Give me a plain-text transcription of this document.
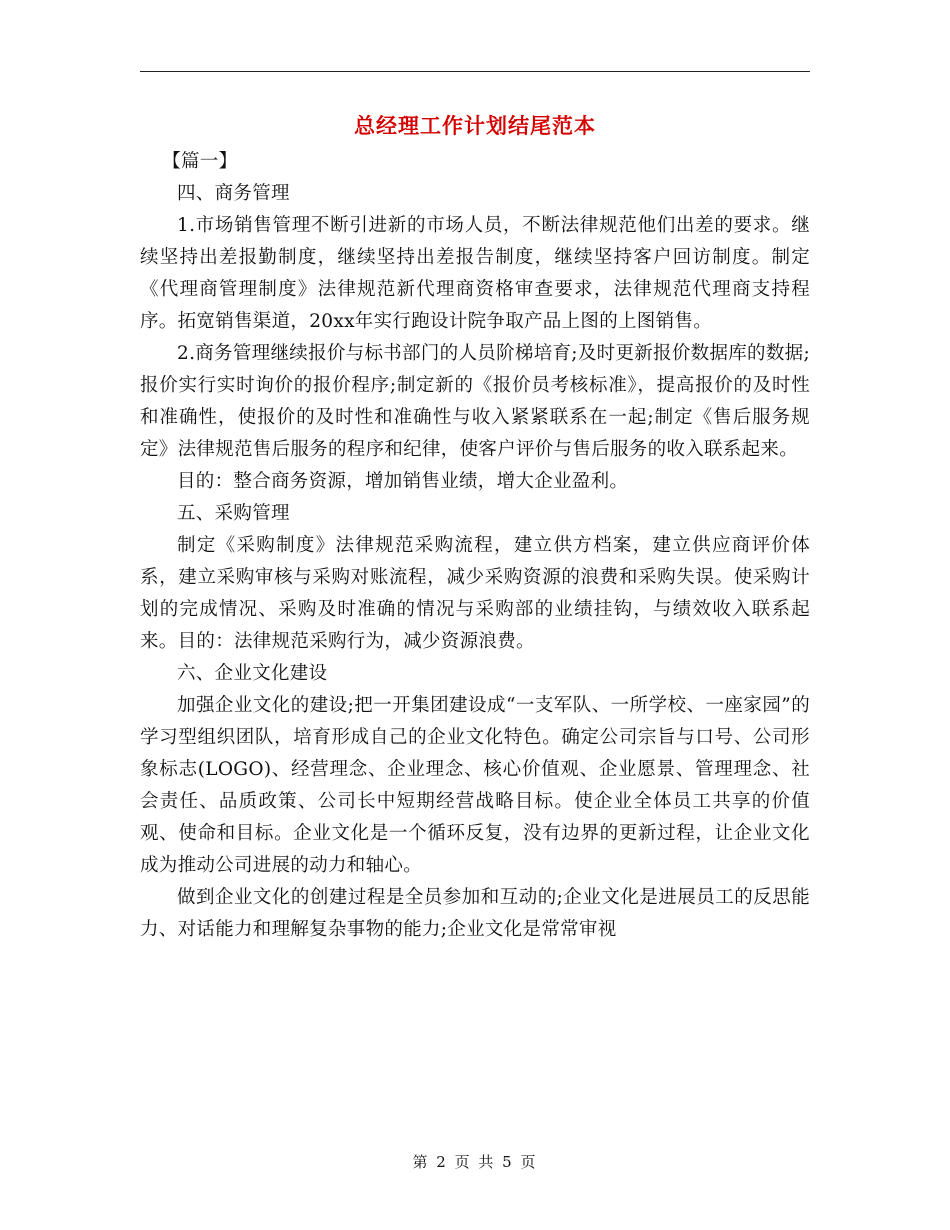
总经理工作计划结尾范本

【篇一】

四、商务管理

1.市场销售管理不断引进新的市场人员，不断法律规范他们出差的要求。继续坚持出差报勤制度，继续坚持出差报告制度，继续坚持客户回访制度。制定《代理商管理制度》法律规范新代理商资格审查要求，法律规范代理商支持程序。拓宽销售渠道，20xx年实行跑设计院争取产品上图的上图销售。

2.商务管理继续报价与标书部门的人员阶梯培育;及时更新报价数据库的数据;报价实行实时询价的报价程序;制定新的《报价员考核标准》，提高报价的及时性和准确性，使报价的及时性和准确性与收入紧紧联系在一起;制定《售后服务规定》法律规范售后服务的程序和纪律，使客户评价与售后服务的收入联系起来。

目的：整合商务资源，增加销售业绩，增大企业盈利。

五、采购管理

制定《采购制度》法律规范采购流程，建立供方档案，建立供应商评价体系，建立采购审核与采购对账流程，减少采购资源的浪费和采购失误。使采购计划的完成情况、采购及时准确的情况与采购部的业绩挂钩，与绩效收入联系起来。目的：法律规范采购行为，减少资源浪费。

六、企业文化建设

加强企业文化的建设;把一开集团建设成“一支军队、一所学校、一座家园”的学习型组织团队，培育形成自己的企业文化特色。确定公司宗旨与口号、公司形象标志(LOGO)、经营理念、企业理念、核心价值观、企业愿景、管理理念、社会责任、品质政策、公司长中短期经营战略目标。使企业全体员工共享的价值观、使命和目标。企业文化是一个循环反复，没有边界的更新过程，让企业文化成为推动公司进展的动力和轴心。

做到企业文化的创建过程是全员参加和互动的;企业文化是进展员工的反思能力、对话能力和理解复杂事物的能力;企业文化是常常审视

第 2 页 共 5 页
